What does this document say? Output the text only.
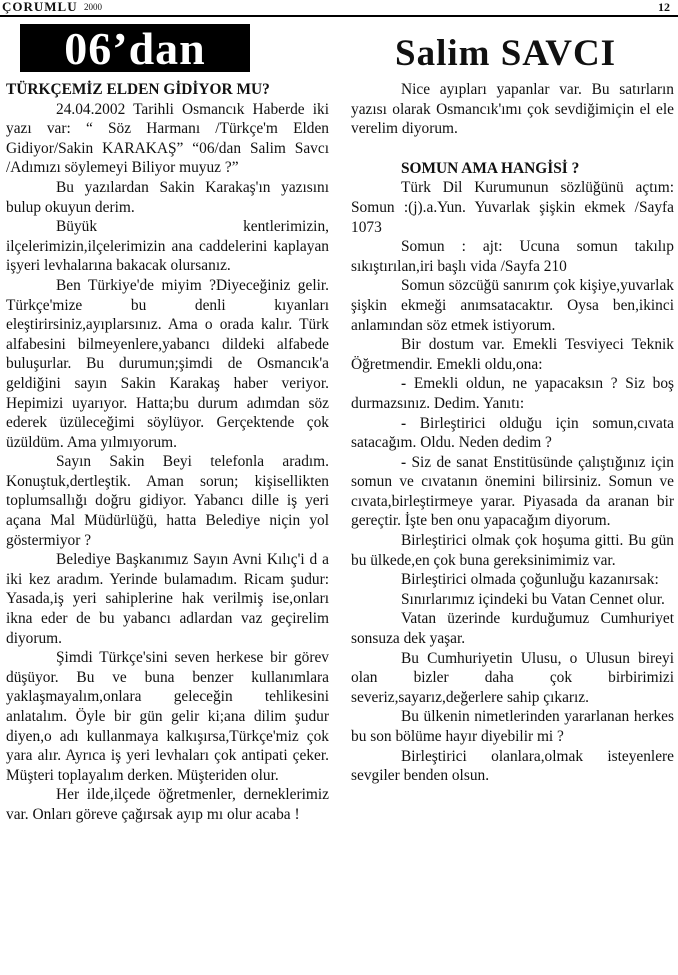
ÇORUMLU 2000	12
06’dan	Salim SAVCI
TÜRKÇEMİZ ELDEN GİDİYOR MU?

24.04.2002 Tarihli Osmancık Haberde iki yazı var: “ Söz Harmanı /Türkçe'm Elden Gidiyor/Sakin KARAKAŞ” “06/dan Salim Savcı /Adımızı söylemeyi Biliyor muyuz ?”

Bu yazılardan Sakin Karakaş'ın yazısını bulup okuyun derim.

Büyük kentlerimizin, ilçelerimizin,ilçelerimizin ana caddelerini kaplayan işyeri levhalarına bakacak olursanız.

Ben Türkiye'de miyim ?Diyeceğiniz gelir. Türkçe'mize bu denli kıyanları eleştirirsiniz,ayıplarsınız. Ama o orada kalır. Türk alfabesini bilmeyenlere,yabancı dildeki alfabede buluşurlar. Bu durumun;şimdi de Osmancık'a geldiğini sayın Sakin Karakaş haber veriyor. Hepimizi uyarıyor. Hatta;bu durum adımdan söz ederek üzüleceğimi söylüyor. Gerçektende çok üzüldüm. Ama yılmıyorum.

Sayın Sakin Beyi telefonla aradım. Konuştuk,dertleştik. Aman sorun; kişisellikten toplumsallığı doğru gidiyor. Yabancı dille iş yeri açana Mal Müdürlüğü, hatta Belediye niçin yol göstermiyor ?

Belediye Başkanımız Sayın Avni Kılıç'i d a iki kez aradım. Yerinde bulamadım. Ricam şudur: Yasada,iş yeri sahiplerine hak verilmiş ise,onları ikna eder de bu yabancı adlardan vaz geçirelim diyorum.

Şimdi Türkçe'sini seven herkese bir görev düşüyor. Bu ve buna benzer kullanımlara yaklaşmayalım,onlara geleceğin tehlikesini anlatalım. Öyle bir gün gelir ki;ana dilim şudur diyen,o adı kullanmaya kalkışırsa,Türkçe'miz çok yara alır. Ayrıca iş yeri levhaları çok antipati çeker. Müşteri toplayalım derken. Müşteriden olur.

Her ilde,ilçede öğretmenler, derneklerimiz var. Onları göreve çağırsak ayıp mı olur acaba !

Nice ayıpları yapanlar var. Bu satırların yazısı olarak Osmancık'ımı çok sevdiğimiçin el ele verelim diyorum.

SOMUN AMA HANGİSİ ?

Türk Dil Kurumunun sözlüğünü açtım: Somun :(j).a.Yun. Yuvarlak şişkin ekmek /Sayfa 1073

Somun : ajt: Ucuna somun takılıp sıkıştırılan,iri başlı vida /Sayfa 210

Somun sözcüğü sanırım çok kişiye,yuvarlak şişkin ekmeği anımsatacaktır. Oysa ben,ikinci anlamından söz etmek istiyorum.

Bir dostum var. Emekli Tesviyeci Teknik Öğretmendir. Emekli oldu,ona:

- Emekli oldun, ne yapacaksın ? Siz boş durmazsınız. Dedim. Yanıtı:

- Birleştirici olduğu için somun,cıvata satacağım. Oldu. Neden dedim ?

- Siz de sanat Enstitüsünde çalıştığınız için somun ve cıvatanın önemini bilirsiniz. Somun ve cıvata,birleştirmeye yarar. Piyasada da aranan bir gereçtir. İşte ben onu yapacağım diyorum.

Birleştirici olmak çok hoşuma gitti. Bu gün bu ülkede,en çok buna gereksinimimiz var.

Birleştirici olmada çoğunluğu kazanırsak:

Sınırlarımız içindeki bu Vatan Cennet olur.

Vatan üzerinde kurduğumuz Cumhuriyet sonsuza dek yaşar.

Bu Cumhuriyetin Ulusu, o Ulusun bireyi olan bizler daha çok birbirimizi severiz,sayarız,değerlere sahip çıkarız.

Bu ülkenin nimetlerinden yararlanan herkes bu son bölüme hayır diyebilir mi ?

Birleştirici olanlara,olmak isteyenlere sevgiler benden olsun.
